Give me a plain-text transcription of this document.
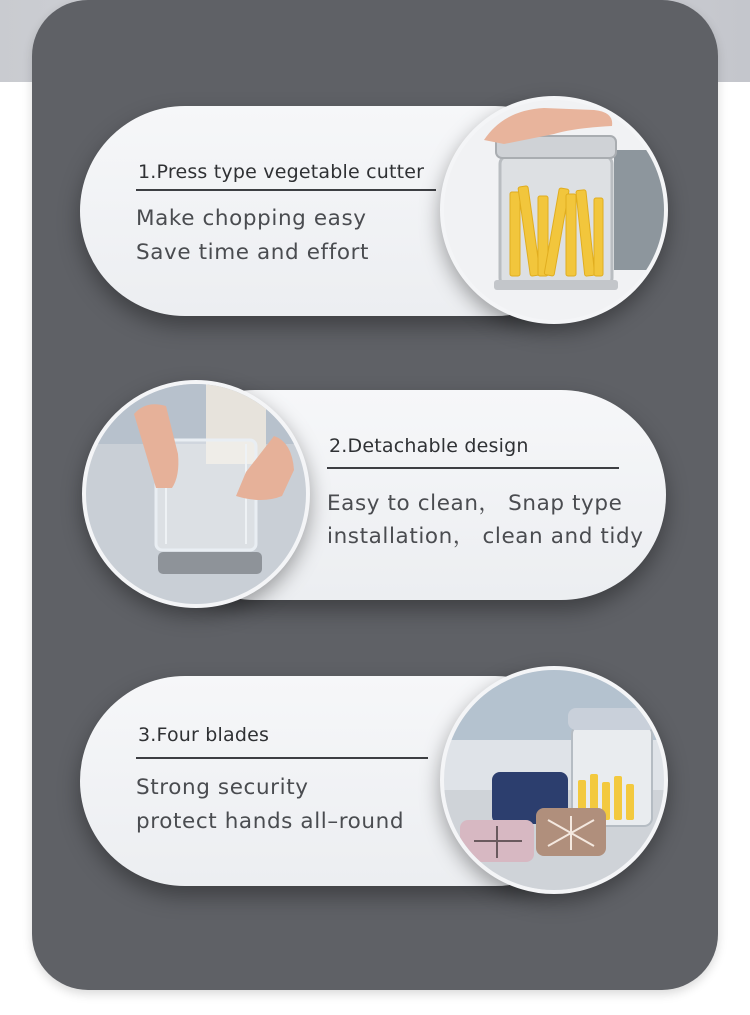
1.Press type vegetable cutter
Make chopping easy
Save time and effort
2.Detachable design
Easy to clean， Snap type
installation， clean and tidy
3.Four blades
Strong security
protect hands all–round
